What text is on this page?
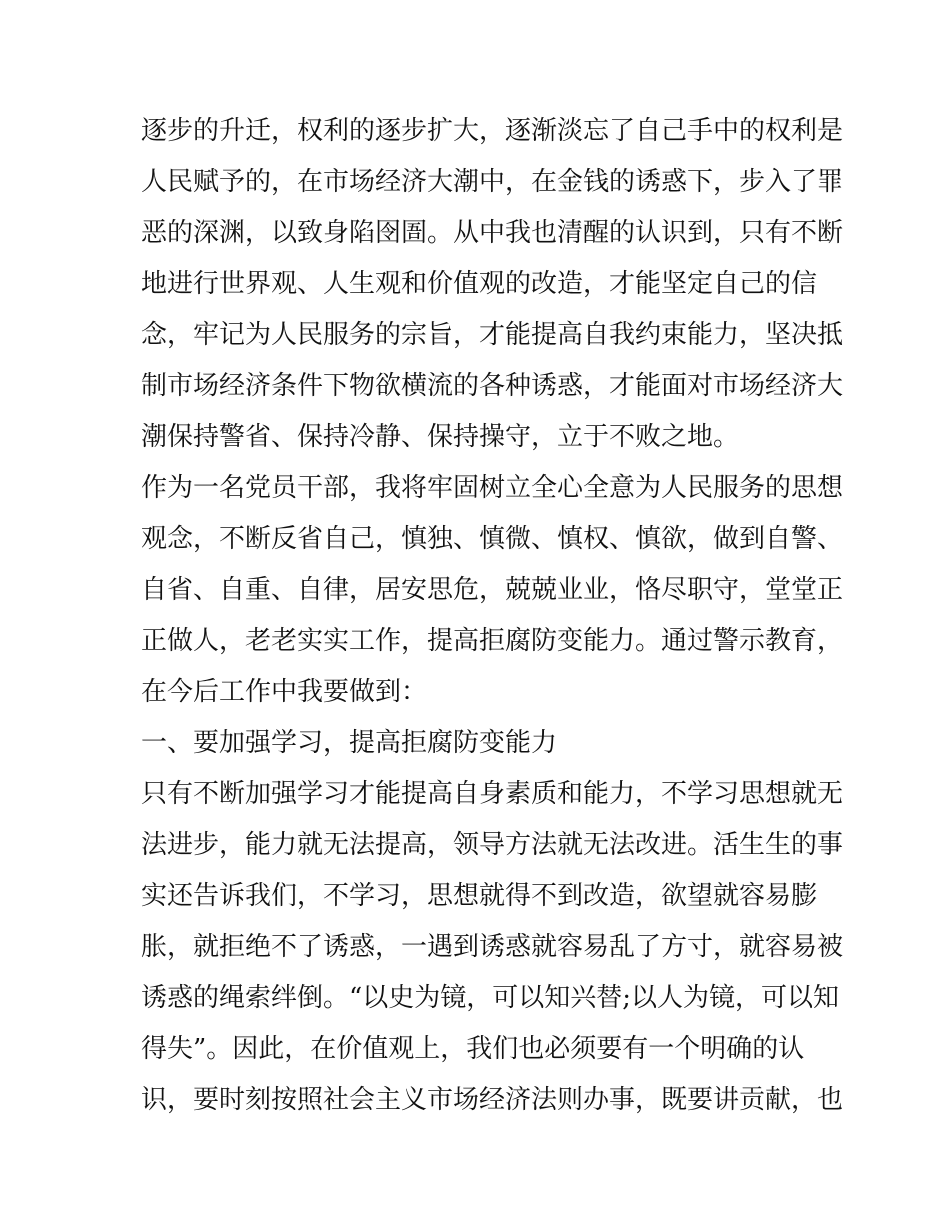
逐步的升迁，权利的逐步扩大，逐渐淡忘了自己手中的权利是
人民赋予的，在市场经济大潮中，在金钱的诱惑下，步入了罪
恶的深渊，以致身陷囹圄。从中我也清醒的认识到，只有不断
地进行世界观、人生观和价值观的改造，才能坚定自己的信
念，牢记为人民服务的宗旨，才能提高自我约束能力，坚决抵
制市场经济条件下物欲横流的各种诱惑，才能面对市场经济大
潮保持警省、保持冷静、保持操守，立于不败之地。
作为一名党员干部，我将牢固树立全心全意为人民服务的思想
观念，不断反省自己，慎独、慎微、慎权、慎欲，做到自警、
自省、自重、自律，居安思危，兢兢业业，恪尽职守，堂堂正
正做人，老老实实工作，提高拒腐防变能力。通过警示教育，
在今后工作中我要做到：
一、要加强学习，提高拒腐防变能力
只有不断加强学习才能提高自身素质和能力，不学习思想就无
法进步，能力就无法提高，领导方法就无法改进。活生生的事
实还告诉我们，不学习，思想就得不到改造，欲望就容易膨
胀，就拒绝不了诱惑，一遇到诱惑就容易乱了方寸，就容易被
诱惑的绳索绊倒。“以史为镜，可以知兴替;以人为镜，可以知
得失”。因此，在价值观上，我们也必须要有一个明确的认
识，要时刻按照社会主义市场经济法则办事，既要讲贡献，也
